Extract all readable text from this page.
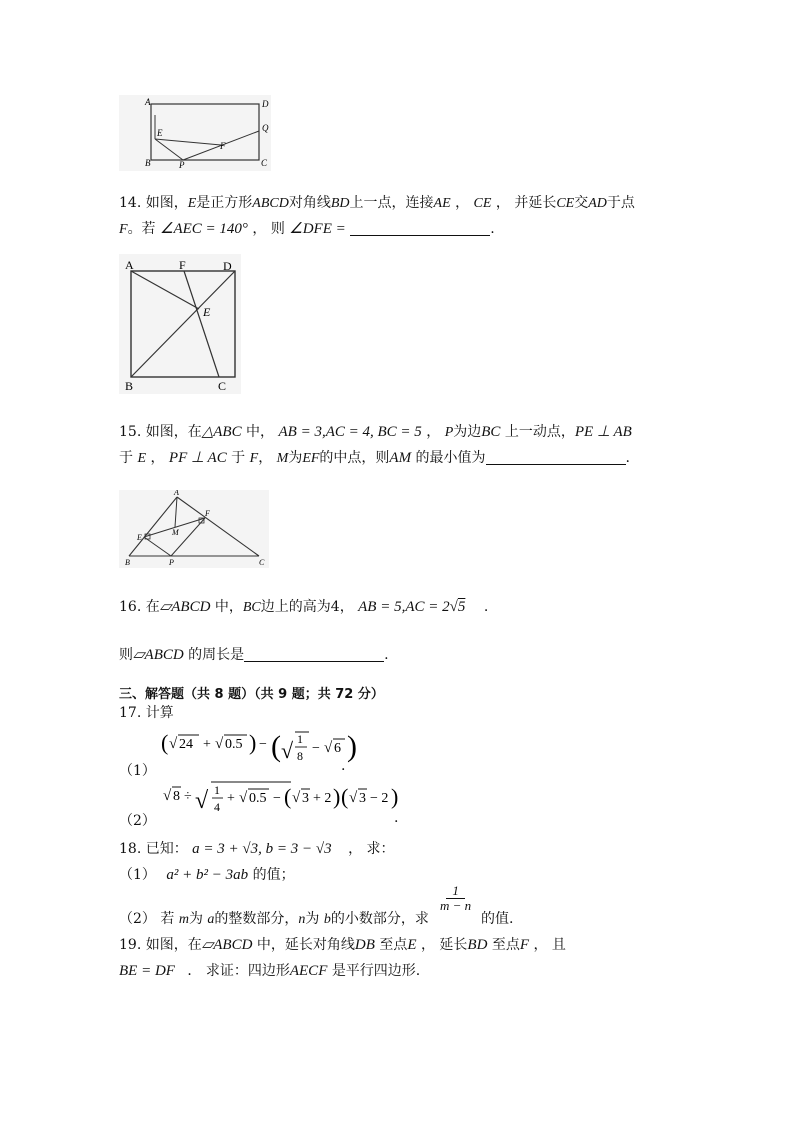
A	D
E	Q
F
B	P	C
14. 如图，E是正方形ABCD对角线BD上一点，连接AE ， CE ， 并延长CE交AD于点
F。若 ∠AEC = 140° ， 则 ∠DFE =	.
A	F	D
E
B	C
15. 如图，在△ABC 中， AB = 3,AC = 4, BC = 5 ， P为边BC 上一动点，PE ⊥ AB
于 E ， PF ⊥ AC 于 F， M为EF的中点，则AM 的最小值为	.
A
E
M
F
B	P	C
16. 在▱ABCD 中，BC边上的高为4， AB = 5,AC = 2√5 .
则▱ABCD 的周长是	.
三、解答题（共 8 题）（共 9 题；共 72 分）
17. 计算
（1）
( √ 24 + √ 0.5 ) − ( √ 1
8 − √ 6 )
.
（2）
√ 8 ÷ √ 1
4
+ √ 0.5 − ( √ 3 + 2 ) ( √ 3 − 2 )
.
18. 已知： a = 3 + √3, b = 3 − √3 ， 求：
（1） a² + b² − 3ab 的值；
（2） 若 m为 a的整数部分，n为 b的小数部分，求
$\frac{1}{m - n}$
的值.
19. 如图，在▱ABCD 中，延长对角线DB 至点E ， 延长BD 至点F ， 且
BE = DF ． 求证：四边形AECF 是平行四边形.
